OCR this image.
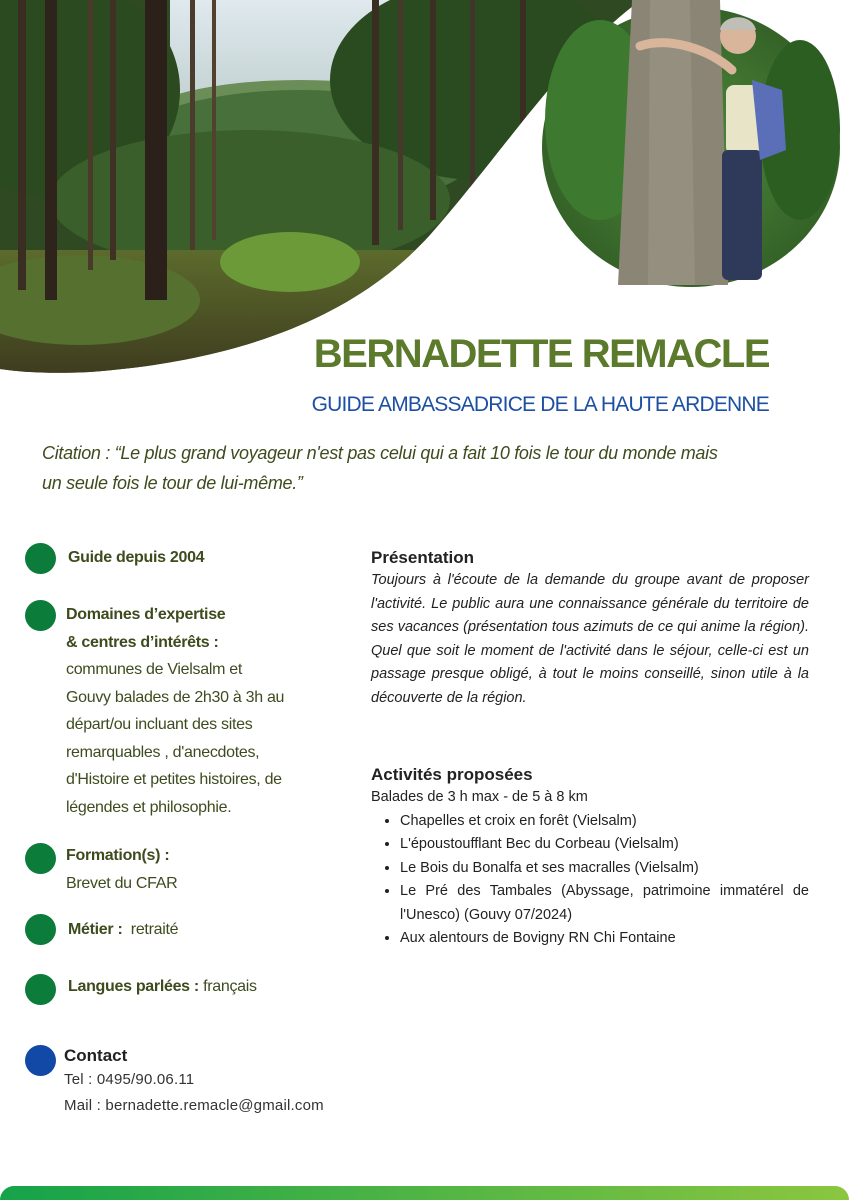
BERNADETTE REMACLE
GUIDE AMBASSADRICE DE LA HAUTE ARDENNE
Citation : “Le plus grand voyageur n'est pas celui qui a fait 10 fois le tour du monde mais
un seule fois le tour de lui-même.”
Guide depuis 2004
Domaines d’expertise
& centres d’intérêts :
communes de Vielsalm et
Gouvy balades de 2h30 à 3h au
départ/ou incluant des sites
remarquables , d'anecdotes,
d'Histoire et petites histoires, de
légendes et philosophie.
Formation(s) :
Brevet du CFAR
Métier : retraité
Langues parlées : français
Présentation
Toujours à l'écoute de la demande du groupe avant de proposer l'activité. Le public aura une connaissance générale du territoire de ses vacances (présentation tous azimuts de ce qui anime la région). Quel que soit le moment de l'activité dans le séjour, celle-ci est un passage presque obligé, à tout le moins conseillé, sinon utile à la découverte de la région.
Activités proposées
Balades de 3 h max - de 5 à 8 km
• Chapelles et croix en forêt (Vielsalm)
• L'époustoufflant Bec du Corbeau (Vielsalm)
• Le Bois du Bonalfa et ses macralles (Vielsalm)
• Le Pré des Tambales (Abyssage, patrimoine immatérel de l'Unesco) (Gouvy 07/2024)
• Aux alentours de Bovigny RN Chi Fontaine
Contact
Tel : 0495/90.06.11
Mail : bernadette.remacle@gmail.com
